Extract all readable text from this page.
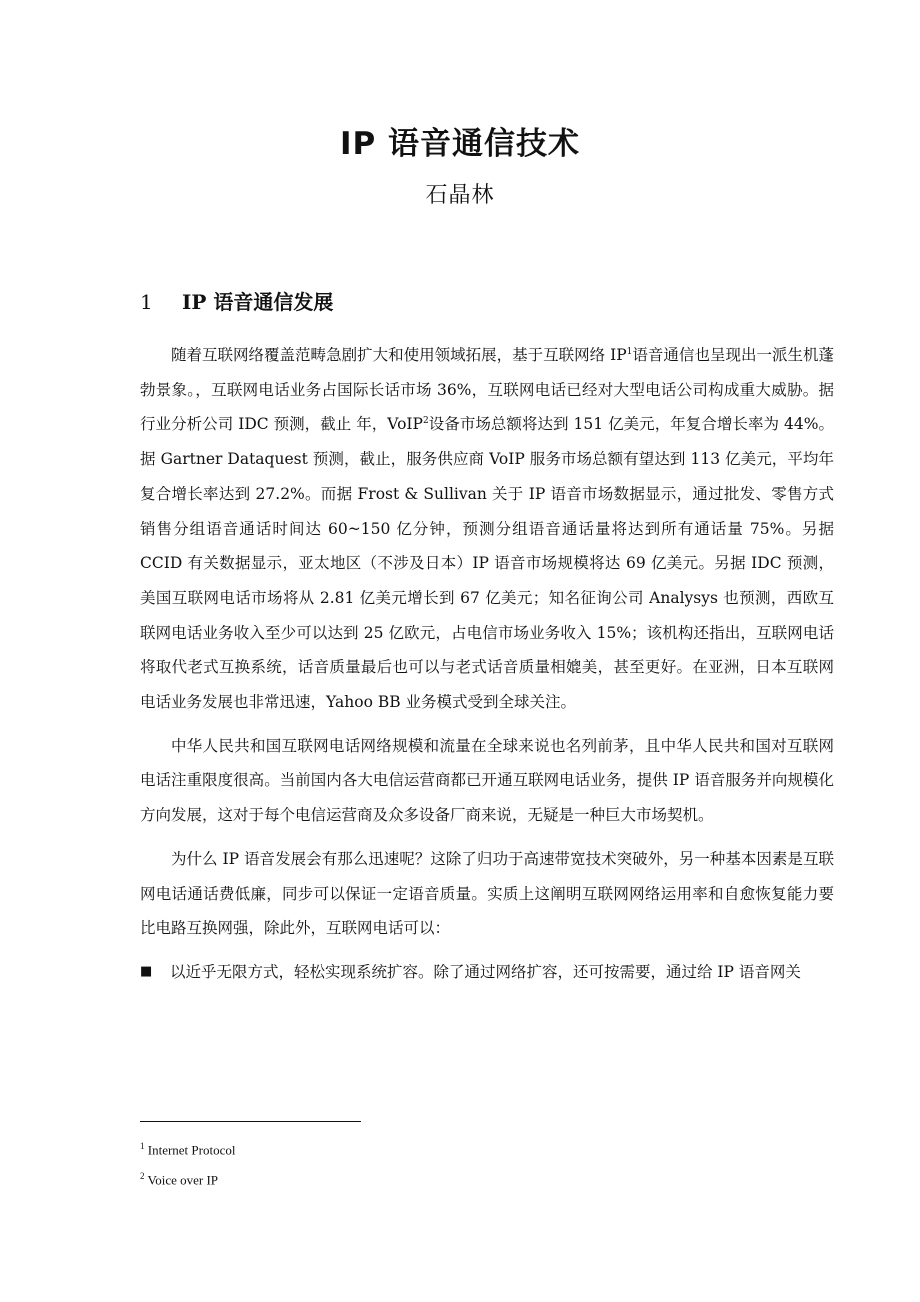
IP 语音通信技术
石晶林
1 IP 语音通信发展

随着互联网络覆盖范畴急剧扩大和使用领域拓展，基于互联网络 $IP^1$语音通信也呈现出一派生机蓬勃景象。，互联网电话业务占国际长话市场 36%，互联网电话已经对大型电话公司构成重大威胁。据行业分析公司 IDC 预测，截止 年，VoIP$^2$设备市场总额将达到 151 亿美元，年复合增长率为 44%。据 Gartner Dataquest 预测，截止，服务供应商 VoIP 服务市场总额有望达到 113 亿美元，平均年复合增长率达到 27.2%。而据 Frost & Sullivan 关于 IP 语音市场数据显示，通过批发、零售方式销售分组语音通话时间达 60~150 亿分钟，预测分组语音通话量将达到所有通话量 75%。另据 CCID 有关数据显示，亚太地区（不涉及日本）IP 语音市场规模将达 69 亿美元。另据 IDC 预测，美国互联网电话市场将从 2.81 亿美元增长到 67 亿美元；知名征询公司 Analysys 也预测，西欧互联网电话业务收入至少可以达到 25 亿欧元，占电信市场业务收入 15%；该机构还指出，互联网电话将取代老式互换系统，话音质量最后也可以与老式话音质量相媲美，甚至更好。在亚洲，日本互联网电话业务发展也非常迅速，Yahoo BB 业务模式受到全球关注。

中华人民共和国互联网电话网络规模和流量在全球来说也名列前茅，且中华人民共和国对互联网电话注重限度很高。当前国内各大电信运营商都已开通互联网电话业务，提供 IP 语音服务并向规模化方向发展，这对于每个电信运营商及众多设备厂商来说，无疑是一种巨大市场契机。

为什么 IP 语音发展会有那么迅速呢？这除了归功于高速带宽技术突破外，另一种基本因素是互联网电话通话费低廉，同步可以保证一定语音质量。实质上这阐明互联网网络运用率和自愈恢复能力要比电路互换网强，除此外，互联网电话可以：

■	以近乎无限方式，轻松实现系统扩容。除了通过网络扩容，还可按需要，通过给 IP 语音网关
$^1$ Internet Protocol
$^2$ Voice over IP
